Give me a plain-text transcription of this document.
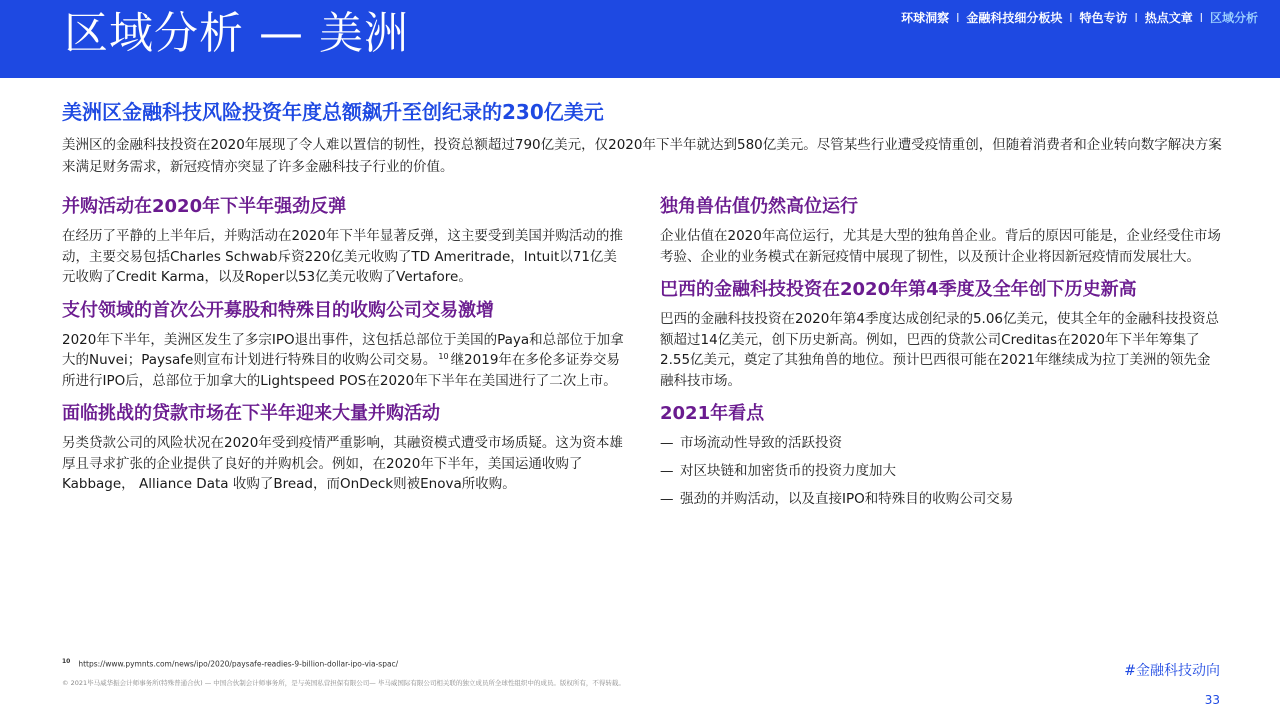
区域分析 — 美洲	环球洞察 I 金融科技细分板块 I 特色专访 I 热点文章 I 区域分析
美洲区金融科技风险投资年度总额飙升至创纪录的230亿美元
美洲区的金融科技投资在2020年展现了令人难以置信的韧性，投资总额超过790亿美元，仅2020年下半年就达到580亿美元。尽管某些行业遭受疫情重创，但随着消费者和企业转向数字解决方案来满足财务需求，新冠疫情亦突显了许多金融科技子行业的价值。
并购活动在2020年下半年强劲反弹
在经历了平静的上半年后，并购活动在2020年下半年显著反弹，这主要受到美国并购活动的推动，主要交易包括Charles Schwab斥资220亿美元收购了TD Ameritrade，Intuit以71亿美元收购了Credit Karma，以及Roper以53亿美元收购了Vertafore。
支付领域的首次公开募股和特殊目的收购公司交易激增
2020年下半年，美洲区发生了多宗IPO退出事件，这包括总部位于美国的Paya和总部位于加拿大的Nuvei；Paysafe则宣布计划进行特殊目的收购公司交易。 $^{10}$ 继2019年在多伦多证券交易所进行IPO后，总部位于加拿大的Lightspeed POS在2020年下半年在美国进行了二次上市。
面临挑战的贷款市场在下半年迎来大量并购活动
另类贷款公司的风险状况在2020年受到疫情严重影响，其融资模式遭受市场质疑。这为资本雄厚且寻求扩张的企业提供了良好的并购机会。例如，在2020年下半年，美国运通收购了Kabbage， Alliance Data 收购了Bread，而OnDeck则被Enova所收购。
独角兽估值仍然高位运行
企业估值在2020年高位运行，尤其是大型的独角兽企业。背后的原因可能是，企业经受住市场考验、企业的业务模式在新冠疫情中展现了韧性，以及预计企业将因新冠疫情而发展壮大。
巴西的金融科技投资在2020年第4季度及全年创下历史新高
巴西的金融科技投资在2020年第4季度达成创纪录的5.06亿美元，使其全年的金融科技投资总额超过14亿美元，创下历史新高。例如，巴西的贷款公司Creditas在2020年下半年筹集了2.55亿美元，奠定了其独角兽的地位。预计巴西很可能在2021年继续成为拉丁美洲的领先金融科技市场。
2021年看点
— 市场流动性导致的活跃投资
— 对区块链和加密货币的投资力度加大
— 强劲的并购活动，以及直接IPO和特殊目的收购公司交易
$^{10}$ https://www.pymnts.com/news/ipo/2020/paysafe-readies-9-billion-dollar-ipo-via-spac/
© 2021毕马威华振会计师事务所(特殊普通合伙) — 中国合伙制会计师事务所，是与英国私营担保有限公司— 毕马威国际有限公司相关联的独立成员所全球性组织中的成员。版权所有，不得转载。
#金融科技动向
33
